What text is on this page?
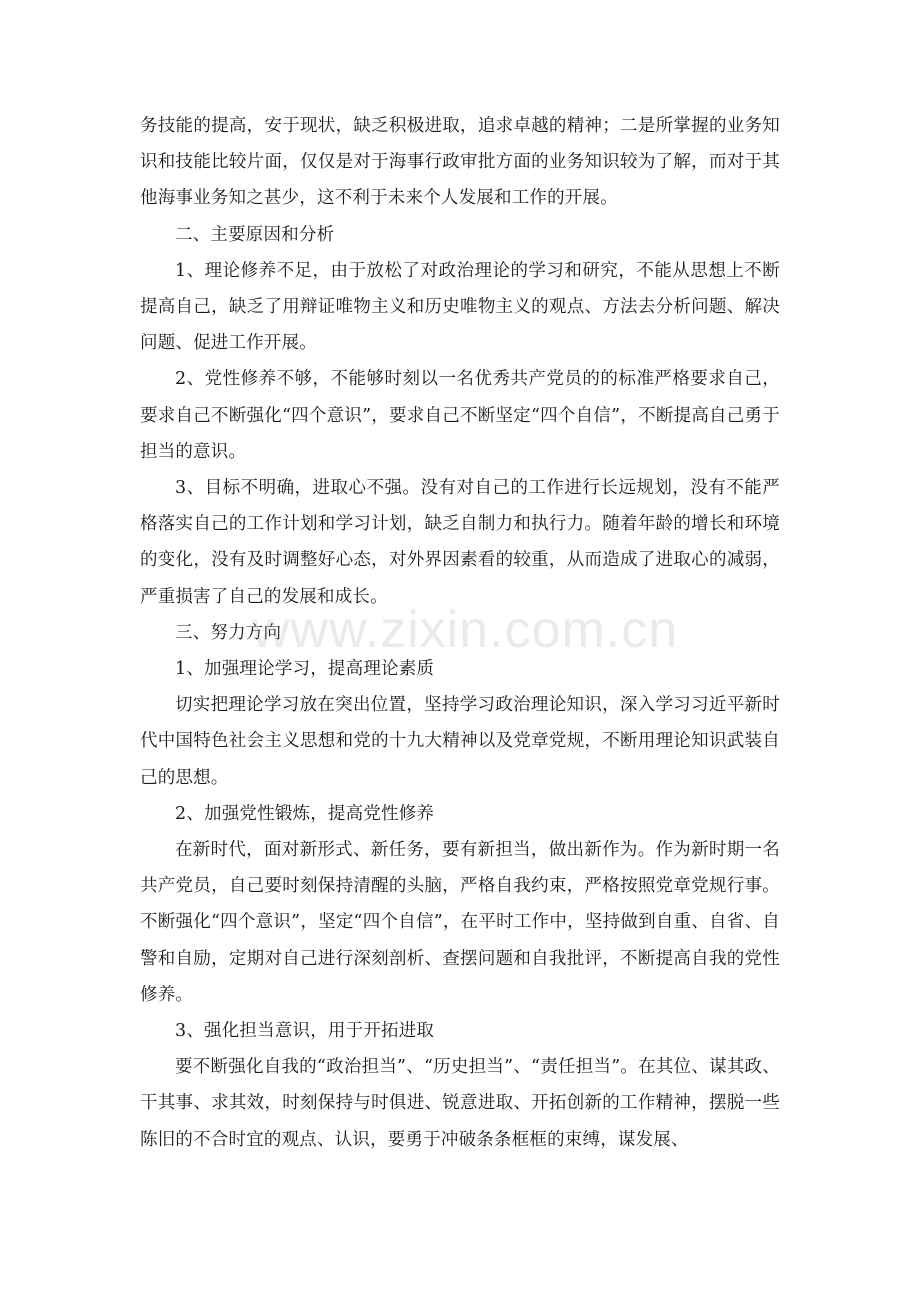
务技能的提高，安于现状，缺乏积极进取，追求卓越的精神；二是所掌握的业务知识和技能比较片面，仅仅是对于海事行政审批方面的业务知识较为了解，而对于其他海事业务知之甚少，这不利于未来个人发展和工作的开展。

二、主要原因和分析

1、理论修养不足，由于放松了对政治理论的学习和研究，不能从思想上不断提高自己，缺乏了用辩证唯物主义和历史唯物主义的观点、方法去分析问题、解决问题、促进工作开展。

2、党性修养不够，不能够时刻以一名优秀共产党员的的标准严格要求自己，要求自己不断强化“四个意识”，要求自己不断坚定“四个自信”，不断提高自己勇于担当的意识。

3、目标不明确，进取心不强。没有对自己的工作进行长远规划，没有不能严格落实自己的工作计划和学习计划，缺乏自制力和执行力。随着年龄的增长和环境的变化，没有及时调整好心态，对外界因素看的较重，从而造成了进取心的减弱，严重损害了自己的发展和成长。

三、努力方向

1、加强理论学习，提高理论素质

切实把理论学习放在突出位置，坚持学习政治理论知识，深入学习习近平新时代中国特色社会主义思想和党的十九大精神以及党章党规，不断用理论知识武装自己的思想。

2、加强党性锻炼，提高党性修养

在新时代，面对新形式、新任务，要有新担当，做出新作为。作为新时期一名共产党员，自己要时刻保持清醒的头脑，严格自我约束，严格按照党章党规行事。不断强化“四个意识”，坚定“四个自信”，在平时工作中，坚持做到自重、自省、自警和自励，定期对自己进行深刻剖析、查摆问题和自我批评，不断提高自我的党性修养。

3、强化担当意识，用于开拓进取

要不断强化自我的“政治担当”、“历史担当”、“责任担当”。在其位、谋其政、干其事、求其效，时刻保持与时俱进、锐意进取、开拓创新的工作精神，摆脱一些陈旧的不合时宜的观点、认识，要勇于冲破条条框框的束缚，谋发展、

www.zixin.com.cn
